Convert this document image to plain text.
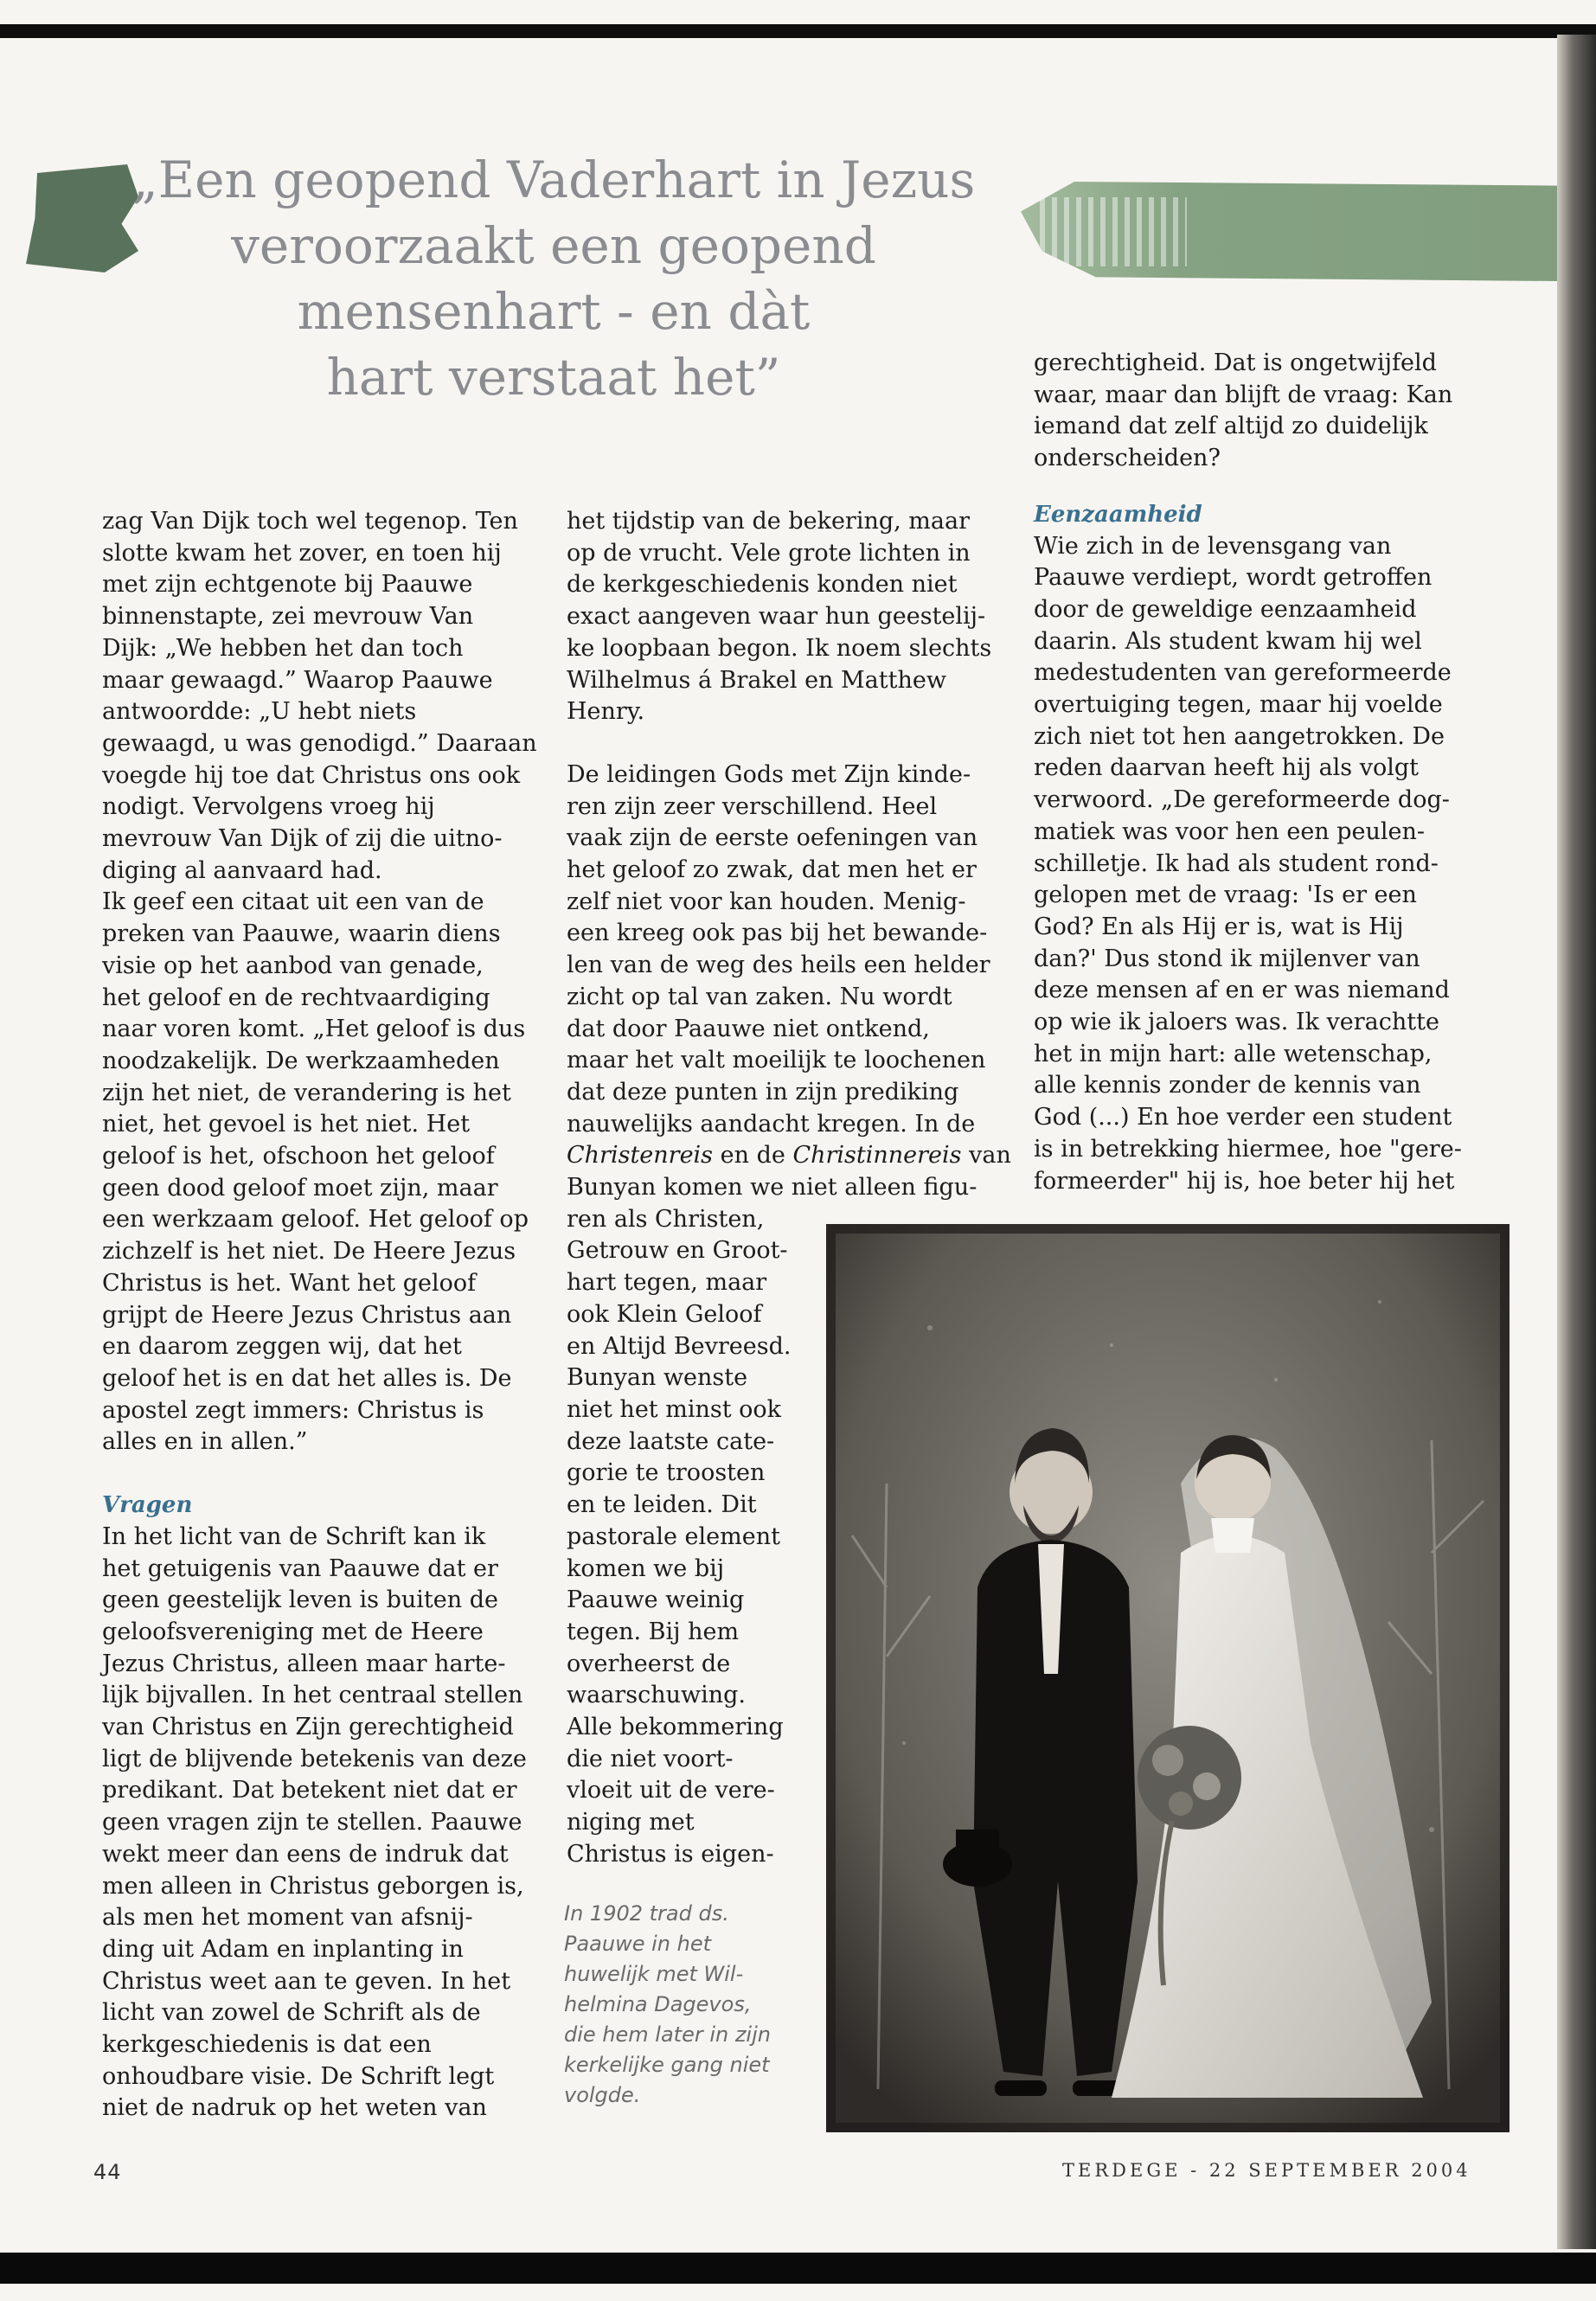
„Een geopend Vaderhart in Jezus
veroorzaakt een geopend
mensenhart - en dàt
hart verstaat het”

zag Van Dijk toch wel tegenop. Ten
slotte kwam het zover, en toen hij
met zijn echtgenote bij Paauwe
binnenstapte, zei mevrouw Van
Dijk: „We hebben het dan toch
maar gewaagd.” Waarop Paauwe
antwoordde: „U hebt niets
gewaagd, u was genodigd.” Daaraan
voegde hij toe dat Christus ons ook
nodigt. Vervolgens vroeg hij
mevrouw Van Dijk of zij die uitno-
diging al aanvaard had.
Ik geef een citaat uit een van de
preken van Paauwe, waarin diens
visie op het aanbod van genade,
het geloof en de rechtvaardiging
naar voren komt. „Het geloof is dus
noodzakelijk. De werkzaamheden
zijn het niet, de verandering is het
niet, het gevoel is het niet. Het
geloof is het, ofschoon het geloof
geen dood geloof moet zijn, maar
een werkzaam geloof. Het geloof op
zichzelf is het niet. De Heere Jezus
Christus is het. Want het geloof
grijpt de Heere Jezus Christus aan
en daarom zeggen wij, dat het
geloof het is en dat het alles is. De
apostel zegt immers: Christus is
alles en in allen.”

Vragen

In het licht van de Schrift kan ik
het getuigenis van Paauwe dat er
geen geestelijk leven is buiten de
geloofsvereniging met de Heere
Jezus Christus, alleen maar harte-
lijk bijvallen. In het centraal stellen
van Christus en Zijn gerechtigheid
ligt de blijvende betekenis van deze
predikant. Dat betekent niet dat er
geen vragen zijn te stellen. Paauwe
wekt meer dan eens de indruk dat
men alleen in Christus geborgen is,
als men het moment van afsnij-
ding uit Adam en inplanting in
Christus weet aan te geven. In het
licht van zowel de Schrift als de
kerkgeschiedenis is dat een
onhoudbare visie. De Schrift legt
niet de nadruk op het weten van

het tijdstip van de bekering, maar
op de vrucht. Vele grote lichten in
de kerkgeschiedenis konden niet
exact aangeven waar hun geestelij-
ke loopbaan begon. Ik noem slechts
Wilhelmus á Brakel en Matthew
Henry.

De leidingen Gods met Zijn kinde-
ren zijn zeer verschillend. Heel
vaak zijn de eerste oefeningen van
het geloof zo zwak, dat men het er
zelf niet voor kan houden. Menig-
een kreeg ook pas bij het bewande-
len van de weg des heils een helder
zicht op tal van zaken. Nu wordt
dat door Paauwe niet ontkend,
maar het valt moeilijk te loochenen
dat deze punten in zijn prediking
nauwelijks aandacht kregen. In de

Christenreis en de Christinnereis van

Bunyan komen we niet alleen figu-
ren als Christen,

Getrouw en Groot-
hart tegen, maar
ook Klein Geloof
en Altijd Bevreesd.
Bunyan wenste
niet het minst ook
deze laatste cate-
gorie te troosten
en te leiden. Dit
pastorale element
komen we bij
Paauwe weinig
tegen. Bij hem
overheerst de
waarschuwing.
Alle bekommering
die niet voort-
vloeit uit de vere-
niging met
Christus is eigen-

gerechtigheid. Dat is ongetwijfeld
waar, maar dan blijft de vraag: Kan
iemand dat zelf altijd zo duidelijk
onderscheiden?

Eenzaamheid

Wie zich in de levensgang van
Paauwe verdiept, wordt getroffen
door de geweldige eenzaamheid
daarin. Als student kwam hij wel
medestudenten van gereformeerde
overtuiging tegen, maar hij voelde
zich niet tot hen aangetrokken. De
reden daarvan heeft hij als volgt
verwoord. „De gereformeerde dog-
matiek was voor hen een peulen-
schilletje. Ik had als student rond-
gelopen met de vraag: 'Is er een
God? En als Hij er is, wat is Hij
dan?' Dus stond ik mijlenver van
deze mensen af en er was niemand
op wie ik jaloers was. Ik verachtte
het in mijn hart: alle wetenschap,
alle kennis zonder de kennis van
God (...) En hoe verder een student
is in betrekking hiermee, hoe "gere-
formeerder" hij is, hoe beter hij het

In 1902 trad ds.
Paauwe in het
huwelijk met Wil-
helmina Dagevos,
die hem later in zijn
kerkelijke gang niet
volgde.
44	TERDEGE - 22 SEPTEMBER 2004
